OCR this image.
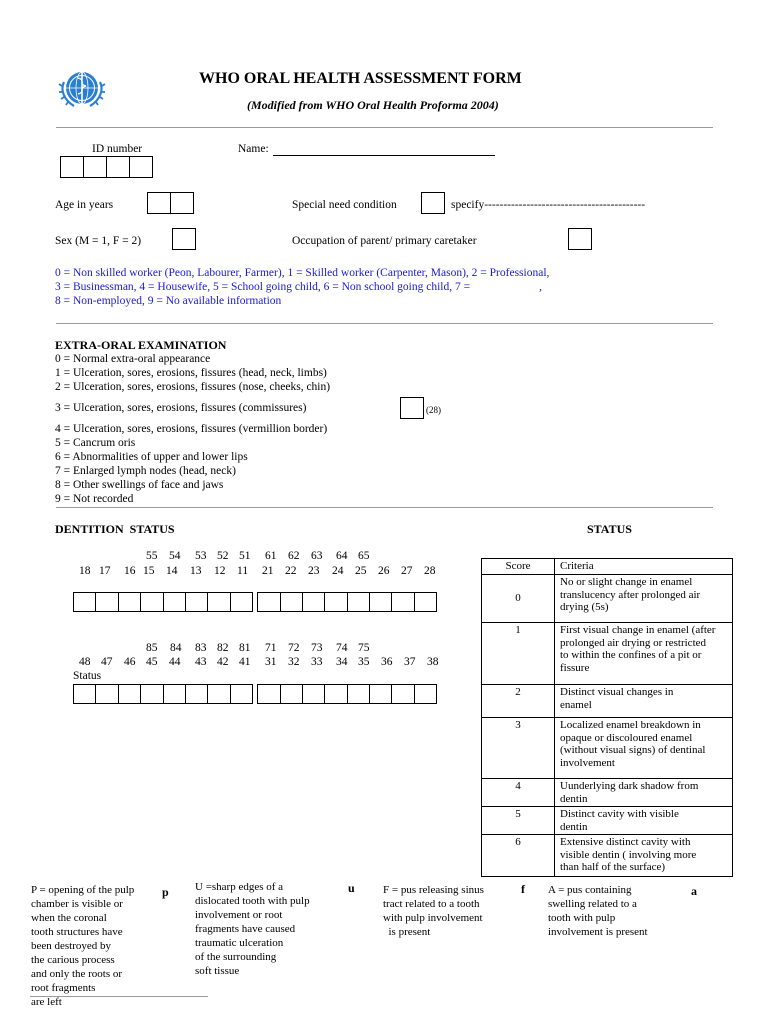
WHO ORAL HEALTH ASSESSMENT FORM
(Modified from WHO Oral Health Proforma 2004)
ID number	Name:
Age in years	Special need condition	specify------------------------------------------
Sex (M = 1, F = 2)	Occupation of parent/ primary caretaker
0 = Non skilled worker (Peon, Labourer, Farmer), 1 = Skilled worker (Carpenter, Mason), 2 = Professional,
3 = Businessman, 4 = Housewife, 5 = School going child, 6 = Non school going child, 7 =                        ,
8 = Non-employed, 9 = No available information
EXTRA-ORAL EXAMINATION
0 = Normal extra-oral appearance
1 = Ulceration, sores, erosions, fissures (head, neck, limbs)
2 = Ulceration, sores, erosions, fissures (nose, cheeks, chin)
3 = Ulceration, sores, erosions, fissures (commissures)	(28)
4 = Ulceration, sores, erosions, fissures (vermillion border)
5 = Cancrum oris
6 = Abnormalities of upper and lower lips
7 = Enlarged lymph nodes (head, neck)
8 = Other swellings of face and jaws
9 = Not recorded
DENTITION  STATUS	STATUS
55 54 53 52 51 61 62 63 64 65
18 17 16 15 14 13 12 11 21 22 23 24 25 26 27 28
85 84 83 82 81 71 72 73 74 75
48 47 46 45 44 43 42 41 31 32 33 34 35 36 37 38
Status
Score	Criteria
0	No or slight change in enamel
translucency after prolonged air
drying (5s)

1	First visual change in enamel (after
prolonged air drying or restricted
to within the confines of a pit or
fissure

2	Distinct visual changes in
enamel

3	Localized enamel breakdown in
opaque or discoloured enamel
(without visual signs) of dentinal
involvement

4	Uunderlying dark shadow from
dentin

5	Distinct cavity with visible
dentin

6	Extensive distinct cavity with
visible dentin ( involving more
than half of the surface)
P = opening of the pulp
chamber is visible or
when the coronal
tooth structures have
been destroyed by
the carious process
and only the roots or
root fragments
are left
p U =sharp edges of a
dislocated tooth with pulp
involvement or root
fragments have caused
traumatic ulceration
of the surrounding
soft tissue
u	F = pus releasing sinus
tract related to a tooth
with pulp involvement
is present
f A = pus containing
swelling related to a
tooth with pulp
involvement is present
a
